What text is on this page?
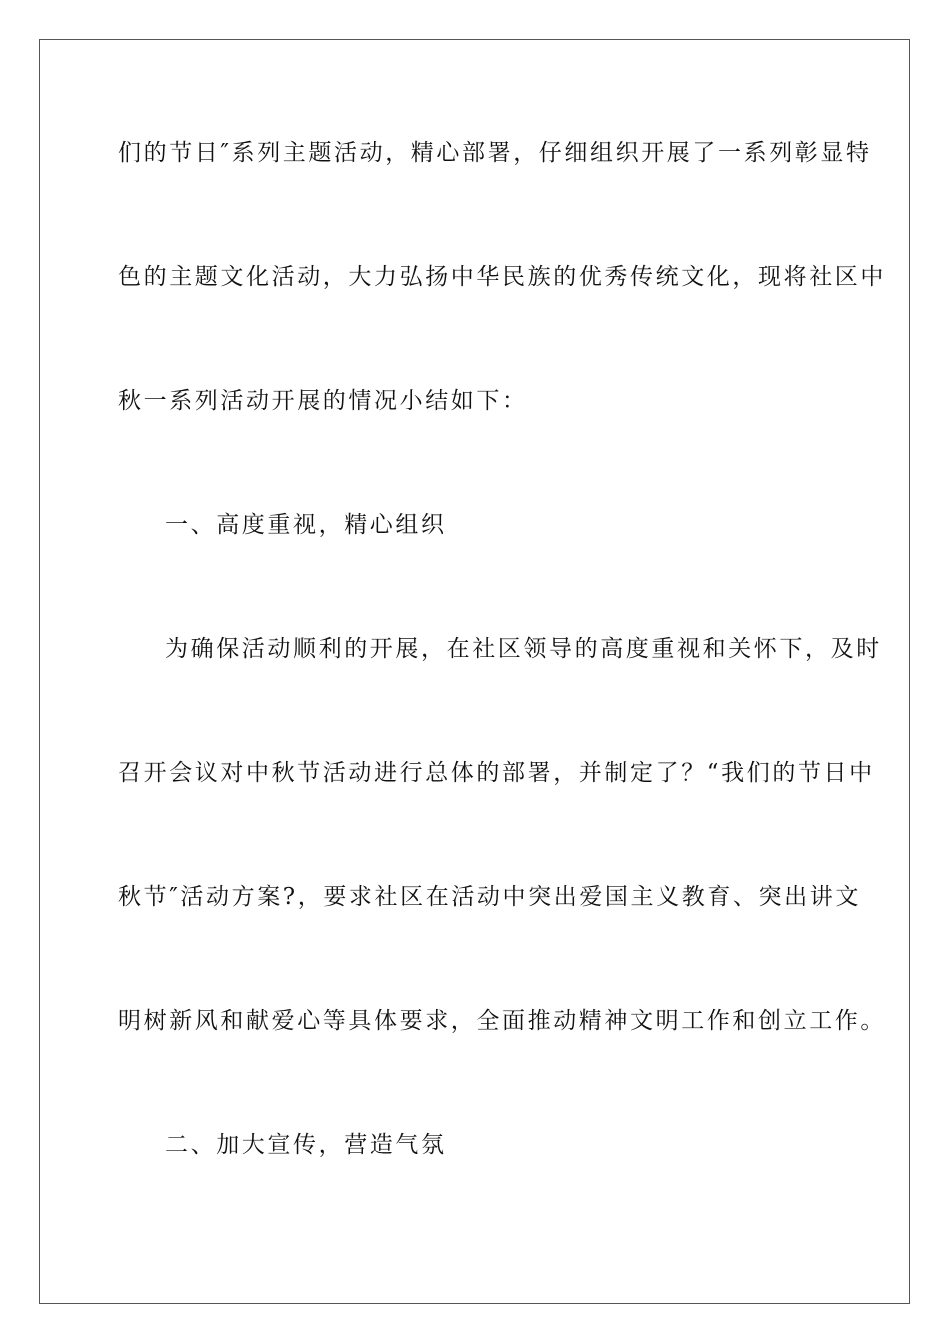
们的节日″系列主题活动，精心部署，仔细组织开展了一系列彰显特
色的主题文化活动，大力弘扬中华民族的优秀传统文化，现将社区中
秋一系列活动开展的情况小结如下：
一、高度重视，精心组织
为确保活动顺利的开展，在社区领导的高度重视和关怀下，及时
召开会议对中秋节活动进行总体的部署，并制定了？“我们的节日中
秋节″活动方案?，要求社区在活动中突出爱国主义教育、突出讲文
明树新风和献爱心等具体要求，全面推动精神文明工作和创立工作。
二、加大宣传，营造气氛
